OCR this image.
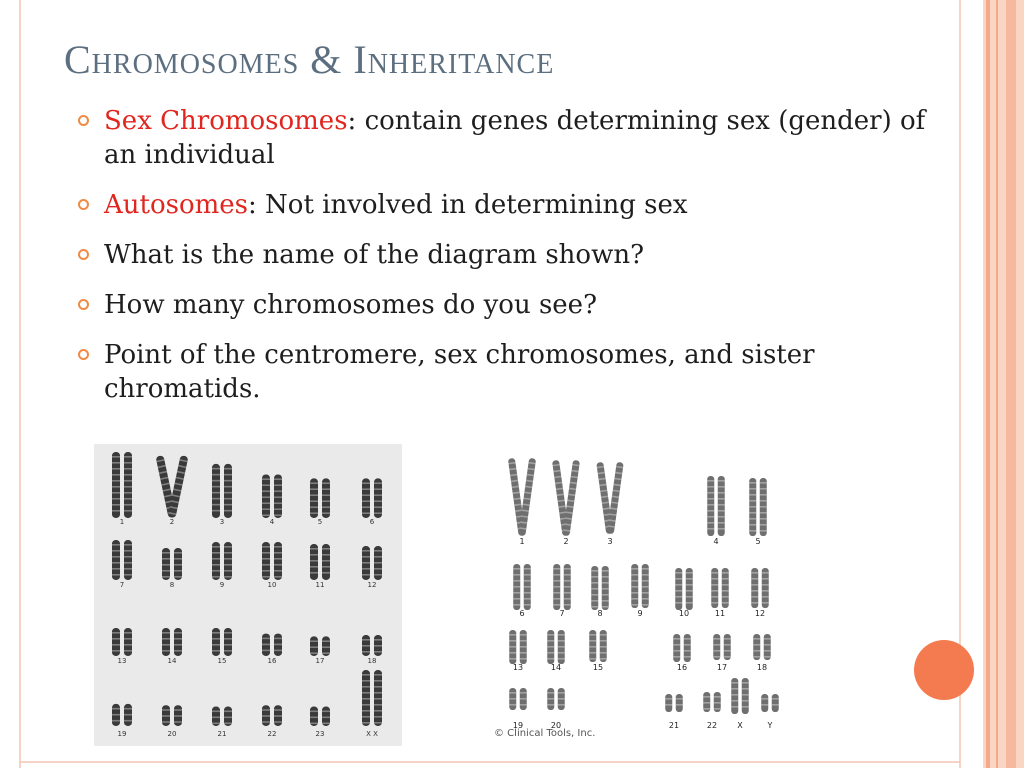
Chromosomes & Inheritance
Sex Chromosomes: contain genes determining sex (gender) of an individual
Autosomes: Not involved in determining sex
What is the name of the diagram shown?
How many chromosomes do you see?
Point of the centromere, sex chromosomes, and sister chromatids.
1	2	3	4	5	6
7	8	9	10	11	12
13	14	15	16	17	18
19	20	21	22	23	X X
1	2	3	4	5
6	7	8	9	10	11	12
13	14	15	16	17	18
19	20	21	22	X	Y
© Clinical Tools, Inc.
